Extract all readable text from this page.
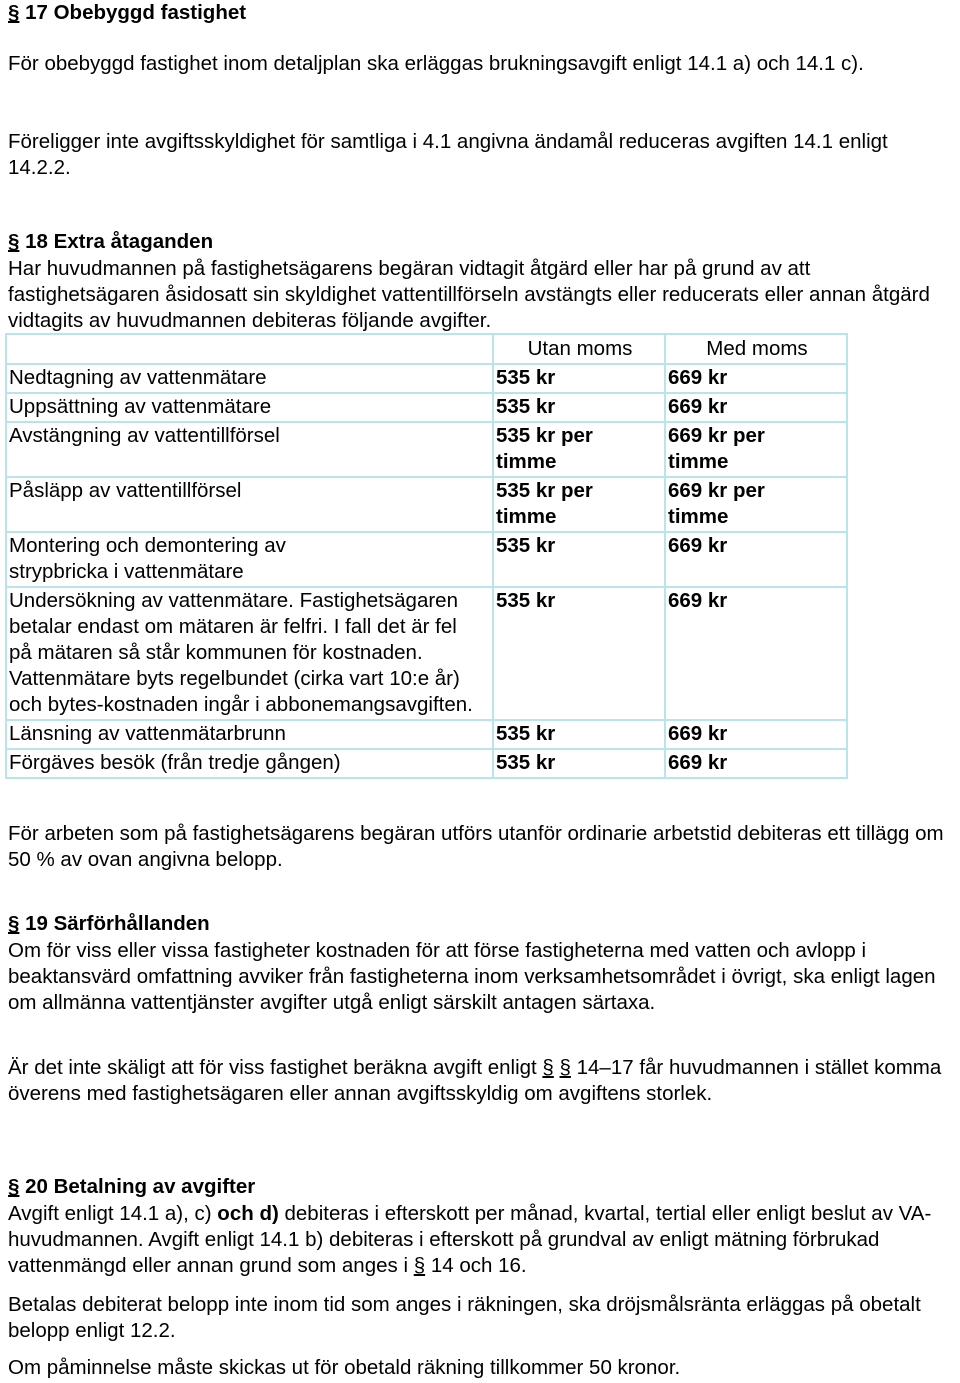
§ 17 Obebyggd fastighet

För obebyggd fastighet inom detaljplan ska erläggas brukningsavgift enligt 14.1 a) och 14.1 c).

Föreligger inte avgiftsskyldighet för samtliga i 4.1 angivna ändamål reduceras avgiften 14.1 enligt 14.2.2.

§ 18 Extra åtaganden

Har huvudmannen på fastighetsägarens begäran vidtagit åtgärd eller har på grund av att fastighetsägaren åsidosatt sin skyldighet vattentillförseln avstängts eller reducerats eller annan åtgärd vidtagits av huvudmannen debiteras följande avgifter.

	Utan moms	Med moms
Nedtagning av vattenmätare	535 kr	669 kr
Uppsättning av vattenmätare	535 kr	669 kr
Avstängning av vattentillförsel	535 kr per timme	669 kr per timme
Påsläpp av vattentillförsel	535 kr per timme	669 kr per timme
Montering och demontering av strypbricka i vattenmätare	535 kr	669 kr
Undersökning av vattenmätare. Fastighetsägaren betalar endast om mätaren är felfri. I fall det är fel på mätaren så står kommunen för kostnaden. Vattenmätare byts regelbundet (cirka vart 10:e år) och bytes-kostnaden ingår i abbonemangsavgiften.	535 kr	669 kr
Länsning av vattenmätarbrunn	535 kr	669 kr
Förgäves besök (från tredje gången)	535 kr	669 kr

För arbeten som på fastighetsägarens begäran utförs utanför ordinarie arbetstid debiteras ett tillägg om 50 % av ovan angivna belopp.

§ 19 Särförhållanden

Om för viss eller vissa fastigheter kostnaden för att förse fastigheterna med vatten och avlopp i beaktansvärd omfattning avviker från fastigheterna inom verksamhetsområdet i övrigt, ska enligt lagen om allmänna vattentjänster avgifter utgå enligt särskilt antagen särtaxa.

Är det inte skäligt att för viss fastighet beräkna avgift enligt § § 14–17 får huvudmannen i stället komma överens med fastighetsägaren eller annan avgiftsskyldig om avgiftens storlek.

§ 20 Betalning av avgifter

Avgift enligt 14.1 a), c) och d) debiteras i efterskott per månad, kvartal, tertial eller enligt beslut av VA-huvudmannen. Avgift enligt 14.1 b) debiteras i efterskott på grundval av enligt mätning förbrukad vattenmängd eller annan grund som anges i § 14 och 16.

Betalas debiterat belopp inte inom tid som anges i räkningen, ska dröjsmålsränta erläggas på obetalt belopp enligt 12.2.

Om påminnelse måste skickas ut för obetald räkning tillkommer 50 kronor.
